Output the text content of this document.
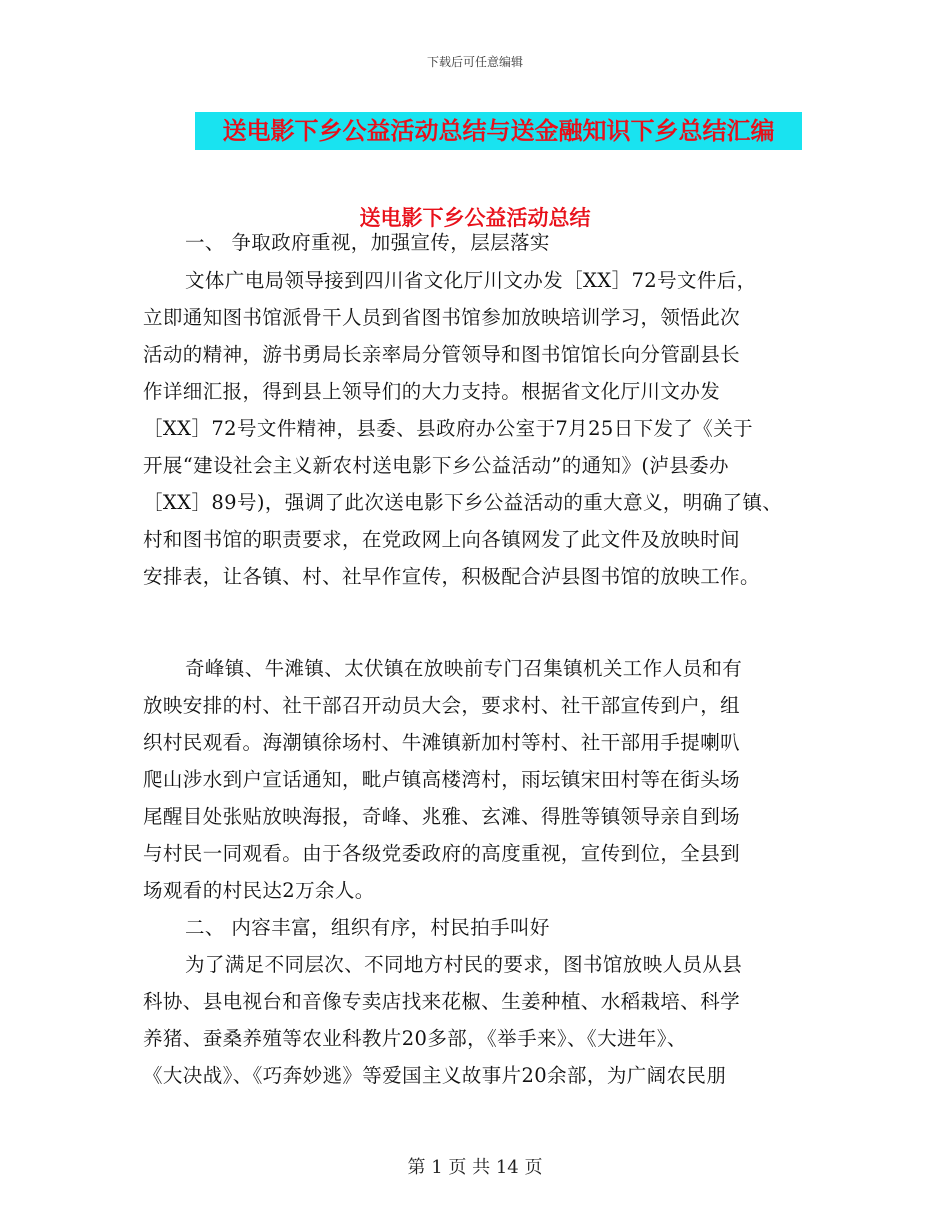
下载后可任意编辑
送电影下乡公益活动总结与送金融知识下乡总结汇编
送电影下乡公益活动总结
一、 争取政府重视，加强宣传，层层落实
文体广电局领导接到四川省文化厅川文办发［XX］72号文件后，
立即通知图书馆派骨干人员到省图书馆参加放映培训学习，领悟此次
活动的精神，游书勇局长亲率局分管领导和图书馆馆长向分管副县长
作详细汇报，得到县上领导们的大力支持。根据省文化厅川文办发
［XX］72号文件精神，县委、县政府办公室于7月25日下发了《关于
开展“建设社会主义新农村送电影下乡公益活动”的通知》(泸县委办
［XX］89号)，强调了此次送电影下乡公益活动的重大意义，明确了镇、
村和图书馆的职责要求，在党政网上向各镇网发了此文件及放映时间
安排表，让各镇、村、社早作宣传，积极配合泸县图书馆的放映工作。
奇峰镇、牛滩镇、太伏镇在放映前专门召集镇机关工作人员和有
放映安排的村、社干部召开动员大会，要求村、社干部宣传到户，组
织村民观看。海潮镇徐场村、牛滩镇新加村等村、社干部用手提喇叭
爬山涉水到户宣话通知，毗卢镇高楼湾村，雨坛镇宋田村等在街头场
尾醒目处张贴放映海报，奇峰、兆雅、玄滩、得胜等镇领导亲自到场
与村民一同观看。由于各级党委政府的高度重视，宣传到位，全县到
场观看的村民达2万余人。
二、 内容丰富，组织有序，村民拍手叫好
为了满足不同层次、不同地方村民的要求，图书馆放映人员从县
科协、县电视台和音像专卖店找来花椒、生姜种植、水稻栽培、科学
养猪、蚕桑养殖等农业科教片20多部，《举手来》、《大进年》、
《大决战》、《巧奔妙逃》等爱国主义故事片20余部，为广阔农民朋
第 1 页 共 14 页
